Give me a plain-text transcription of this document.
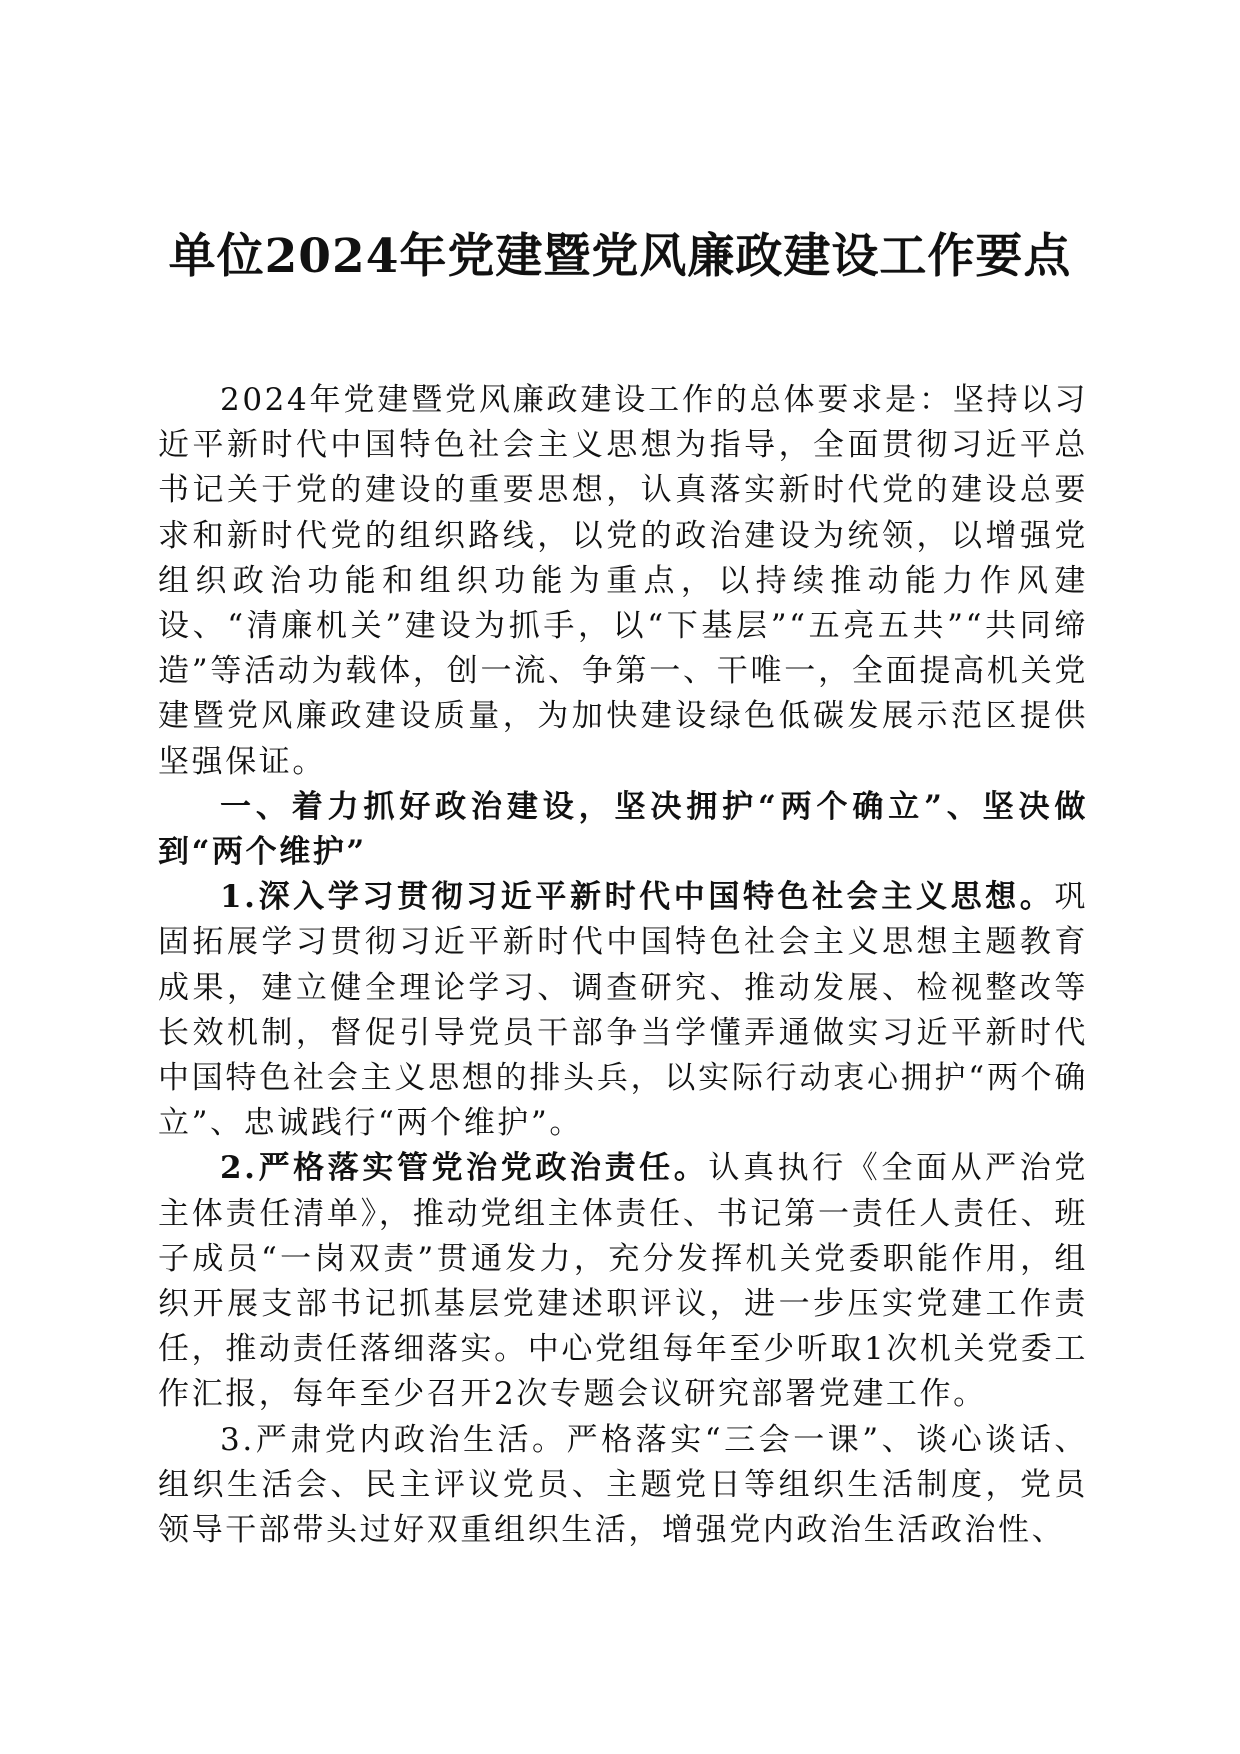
单位2024年党建暨党风廉政建设工作要点

2024年党建暨党风廉政建设工作的总体要求是：坚持以习近平新时代中国特色社会主义思想为指导，全面贯彻习近平总书记关于党的建设的重要思想，认真落实新时代党的建设总要求和新时代党的组织路线，以党的政治建设为统领，以增强党组织政治功能和组织功能为重点，以持续推动能力作风建设、“清廉机关”建设为抓手，以“下基层”“五亮五共”“共同缔造”等活动为载体，创一流、争第一、干唯一，全面提高机关党建暨党风廉政建设质量，为加快建设绿色低碳发展示范区提供坚强保证。

一、着力抓好政治建设，坚决拥护“两个确立”、坚决做到“两个维护”

1.深入学习贯彻习近平新时代中国特色社会主义思想。巩固拓展学习贯彻习近平新时代中国特色社会主义思想主题教育成果，建立健全理论学习、调查研究、推动发展、检视整改等长效机制，督促引导党员干部争当学懂弄通做实习近平新时代中国特色社会主义思想的排头兵，以实际行动衷心拥护“两个确立”、忠诚践行“两个维护”。

2.严格落实管党治党政治责任。认真执行《全面从严治党主体责任清单》，推动党组主体责任、书记第一责任人责任、班子成员“一岗双责”贯通发力，充分发挥机关党委职能作用，组织开展支部书记抓基层党建述职评议，进一步压实党建工作责任，推动责任落细落实。中心党组每年至少听取1次机关党委工作汇报，每年至少召开2次专题会议研究部署党建工作。

3.严肃党内政治生活。严格落实“三会一课”、谈心谈话、组织生活会、民主评议党员、主题党日等组织生活制度，党员领导干部带头过好双重组织生活，增强党内政治生活政治性、
